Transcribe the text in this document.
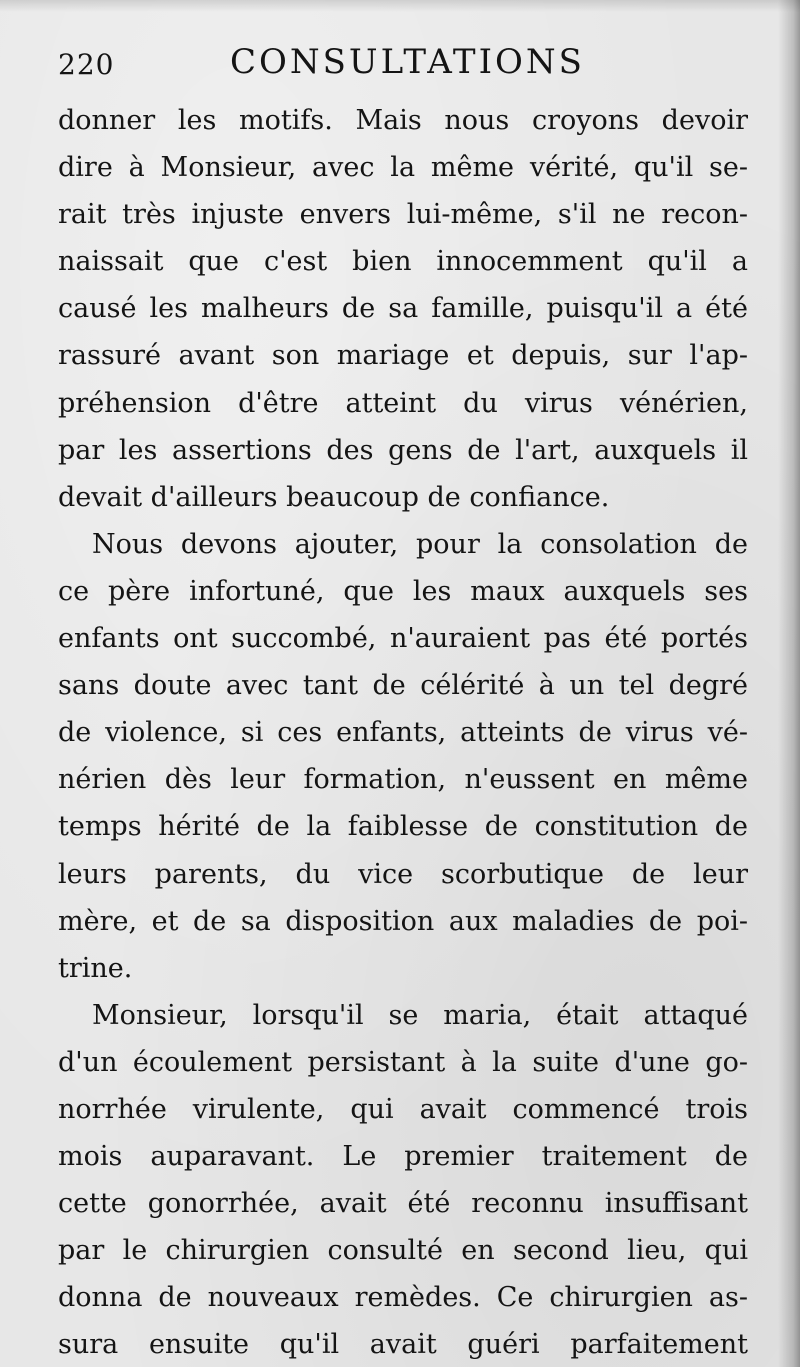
220	CONSULTATIONS
donner les motifs. Mais nous croyons devoir
dire à Monsieur, avec la même vérité, qu'il se-
rait très injuste envers lui-même, s'il ne recon-
naissait que c'est bien innocemment qu'il a
causé les malheurs de sa famille, puisqu'il a été
rassuré avant son mariage et depuis, sur l'ap-
préhension d'être atteint du virus vénérien,
par les assertions des gens de l'art, auxquels il
devait d'ailleurs beaucoup de confiance.
Nous devons ajouter, pour la consolation de
ce père infortuné, que les maux auxquels ses
enfants ont succombé, n'auraient pas été portés
sans doute avec tant de célérité à un tel degré
de violence, si ces enfants, atteints de virus vé-
nérien dès leur formation, n'eussent en même
temps hérité de la faiblesse de constitution de
leurs parents, du vice scorbutique de leur
mère, et de sa disposition aux maladies de poi-
trine.
Monsieur, lorsqu'il se maria, était attaqué
d'un écoulement persistant à la suite d'une go-
norrhée virulente, qui avait commencé trois
mois auparavant. Le premier traitement de
cette gonorrhée, avait été reconnu insuffisant
par le chirurgien consulté en second lieu, qui
donna de nouveaux remèdes. Ce chirurgien as-
sura ensuite qu'il avait guéri parfaitement
